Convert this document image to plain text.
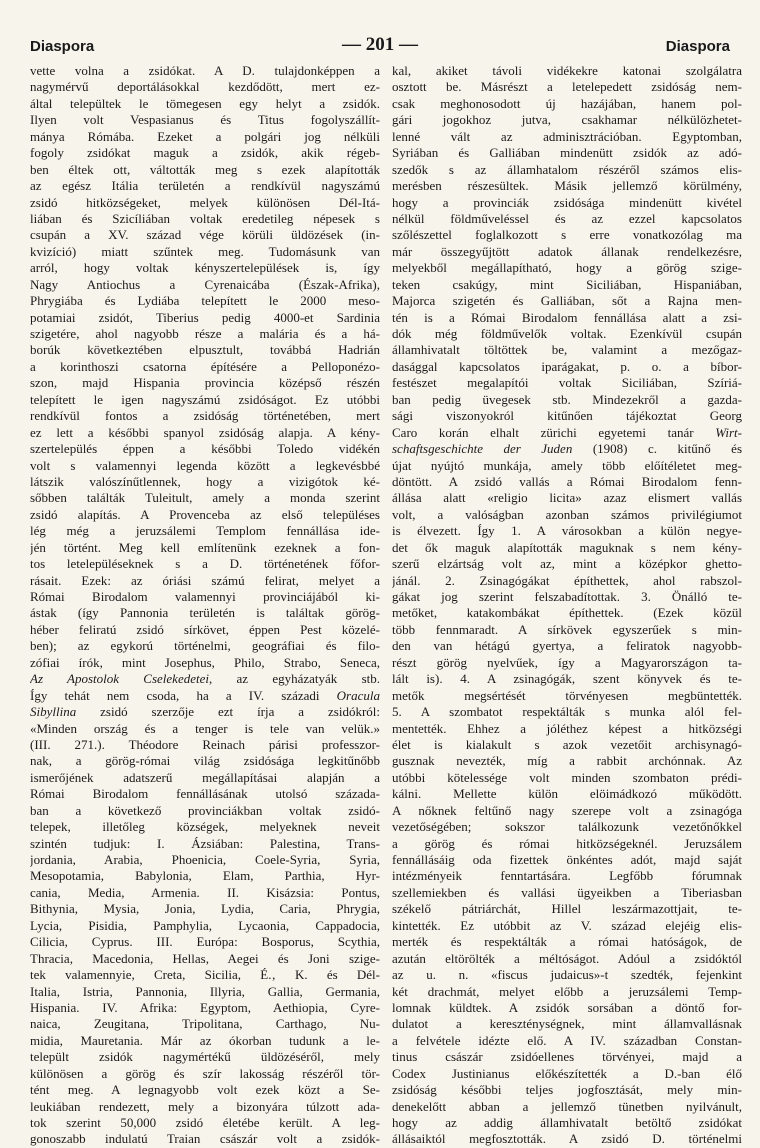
Diaspora	— 201 —	Diaspora
vette volna a zsidókat. A D. tulajdonképpen a
nagymérvű deportálásokkal kezdődött, mert ez-
által települtek le tömegesen egy helyt a zsidók.
Ilyen volt Vespasianus és Titus fogolyszállít-
mánya Rómába. Ezeket a polgári jog nélküli
fogoly zsidókat maguk a zsidók, akik régeb-
ben éltek ott, váltották meg s ezek alapították
az egész Itália területén a rendkívül nagyszámú
zsidó hitközségeket, melyek különösen Dél-Itá-
liában és Szicíliában voltak eredetileg népesek s
csupán a XV. század vége körüli üldözések (in-
kvizíció) miatt szűntek meg. Tudomásunk van
arról, hogy voltak kényszertelepülések is, így
Nagy Antiochus a Cyrenaicába (Észak-Afrika),
Phrygiába és Lydiába telepített le 2000 meso-
potamiai zsidót, Tiberius pedig 4000-et Sardinia
szigetére, ahol nagyobb része a malária és a há-
borúk következtében elpusztult, továbbá Hadrián
a korinthoszi csatorna építésére a Pelloponézo-
szon, majd Hispania provincia középső részén
telepített le igen nagyszámú zsidóságot. Ez utóbbi
rendkívül fontos a zsidóság történetében, mert
ez lett a későbbi spanyol zsidóság alapja. A kény-
szertelepülés éppen a későbbi Toledo vidékén
volt s valamennyi legenda között a legkevésbbé
látszik valószínűtlennek, hogy a vizigótok ké-
sőbben találták Tuleitult, amely a monda szerint
zsidó alapítás. A Provenceba az első településes
lég még a jeruzsálemi Templom fennállása ide-
jén történt. Meg kell említenünk ezeknek a fon-
tos letelepüléseknek s a D. történetének főfor-
rásait. Ezek: az óriási számú felirat, melyet a
Római Birodalom valamennyi provinciájából ki-
ástak (így Pannonia területén is találtak görög-
héber feliratú zsidó sírkövet, éppen Pest közelé-
ben); az egykorú történelmi, geográfiai és filo-
zófiai írók, mint Josephus, Philo, Strabo, Seneca,
Az Apostolok Cselekedetei, az egyházatyák stb.
Így tehát nem csoda, ha a IV. századi Oracula
Sibyllina zsidó szerzője ezt írja a zsidókról:
«Minden ország és a tenger is tele van velük.»
(III. 271.). Théodore Reinach párisi professzor-
nak, a görög-római világ zsidósága legkitűnőbb
ismerőjének adatszerű megállapításai alapján a
Római Birodalom fennállásának utolsó százada-
ban a következő provinciákban voltak zsidó-
telepek, illetőleg községek, melyeknek neveit
szintén tudjuk: I. Ázsiában: Palestina, Trans-
jordania, Arabia, Phoenicia, Coele-Syria, Syria,
Mesopotamia, Babylonia, Elam, Parthia, Hyr-
cania, Media, Armenia. II. Kisázsia: Pontus,
Bithynia, Mysia, Jonia, Lydia, Caria, Phrygia,
Lycia, Pisidia, Pamphylia, Lycaonia, Cappadocia,
Cilicia, Cyprus. III. Európa: Bosporus, Scythia,
Thracia, Macedonia, Hellas, Aegei és Joni szige-
tek valamennyie, Creta, Sicilia, É.‚ K. és Dél-
Italia, Istria, Pannonia, Illyria, Gallia, Germania,
Hispania. IV. Afrika: Egyptom, Aethiopia, Cyre-
naica, Zeugitana, Tripolitana, Carthago, Nu-
midia, Mauretania. Már az ókorban tudunk a le-
települt zsidók nagymértékű üldözéséről, mely
különösen a görög és szír lakosság részéről tör-
tént meg. A legnagyobb volt ezek közt a Se-
leukiában rendezett, mely a bizonyára túlzott ada-
tok szerint 50,000 zsidó életébe került. A leg-
gonoszabb indulatú Traian császár volt a zsidók-
kal, akiket távoli vidékekre katonai szolgálatra
osztott be. Másrészt a letelepedett zsidóság nem-
csak meghonosodott új hazájában, hanem pol-
gári jogokhoz jutva, csakhamar nélkülözhetet-
lenné vált az adminisztrációban. Egyptomban,
Syriában és Galliában mindenütt zsidók az adó-
szedők s az államhatalom részéről számos elis-
merésben részesültek. Másik jellemző körülmény,
hogy a provinciák zsidósága mindenütt kivétel
nélkül földműveléssel és az ezzel kapcsolatos
szőlészettel foglalkozott s erre vonatkozólag ma
már összegyűjtött adatok állanak rendelkezésre,
melyekből megállapítható, hogy a görög szige-
teken csakúgy, mint Siciliában, Hispaniában,
Majorca szigetén és Galliában, sőt a Rajna men-
tén is a Római Birodalom fennállása alatt a zsi-
dók még földművelők voltak. Ezenkívül csupán
államhivatalt töltöttek be, valamint a mezőgaz-
dasággal kapcsolatos iparágakat, p. o. a bíbor-
festészet megalapítói voltak Siciliában, Szíriá-
ban pedig üvegesek stb. Mindezekről a gazda-
sági viszonyokról kitűnően tájékoztat Georg
Caro korán elhalt zürichi egyetemi tanár Wirt-
schaftsgeschichte der Juden (1908) c. kitűnő és
újat nyújtó munkája, amely több előítéletet meg-
döntött. A zsidó vallás a Római Birodalom fenn-
állása alatt «religio licita» azaz elismert vallás
volt, a valóságban azonban számos privilégiumot
is élvezett. Így 1. A városokban a külön negye-
det ők maguk alapították maguknak s nem kény-
szerű elzártság volt az, mint a középkor ghetto-
jánál. 2. Zsinagógákat építhettek, ahol rabszol-
gákat jog szerint felszabadítottak. 3. Önálló te-
metőket, katakombákat építhettek. (Ezek közül
több fennmaradt. A sírkövek egyszerűek s min-
den van hétágú gyertya, a feliratok nagyobb-
részt görög nyelvűek, így a Magyarországon ta-
lált is). 4. A zsinagógák, szent könyvek és te-
metők megsértését törvényesen megbüntették.
5. A szombatot respektálták s munka alól fel-
mentették. Ehhez a jóléthez képest a hitközségi
élet is kialakult s azok vezetőit archisynagó-
gusznak nevezték, míg a rabbit archónnak. Az
utóbbi kötelessége volt minden szombaton prédi-
kálni. Mellette külön elöimádkozó működött.
A nőknek feltűnő nagy szerepe volt a zsinagóga
vezetőségében; sokszor találkozunk vezetőnőkkel
a görög és római hitközségeknél. Jeruzsálem
fennállásáig oda fizettek önkéntes adót, majd saját
intézményeik fenntartására. Legfőbb fórumnak
szellemiekben és vallási ügyeikben a Tiberiasban
székelő pátriárchát, Hillel leszármazottjait, te-
kintették. Ez utóbbit az V. század elejéig elis-
merték és respektálták a római hatóságok, de
azután eltörölték a méltóságot. Adóul a zsidóktól
az u. n. «fiscus judaicus»-t szedték, fejenkint
két drachmát, melyet előbb a jeruzsálemi Temp-
lomnak küldtek. A zsidók sorsában a döntő for-
dulatot a kereszténységnek, mint államvallásnak
a felvétele idézte elő. A IV. században Constan-
tinus császár zsidóellenes törvényei, majd a
Codex Justinianus előkészítették a D.-ban élő
zsidóság későbbi teljes jogfosztását, mely min-
denekelőtt abban a jellemző tünetben nyilvánult,
hogy az addig államhivatalt betöltő zsidókat
állásaiktól megfosztották. A zsidó D. történelmi
